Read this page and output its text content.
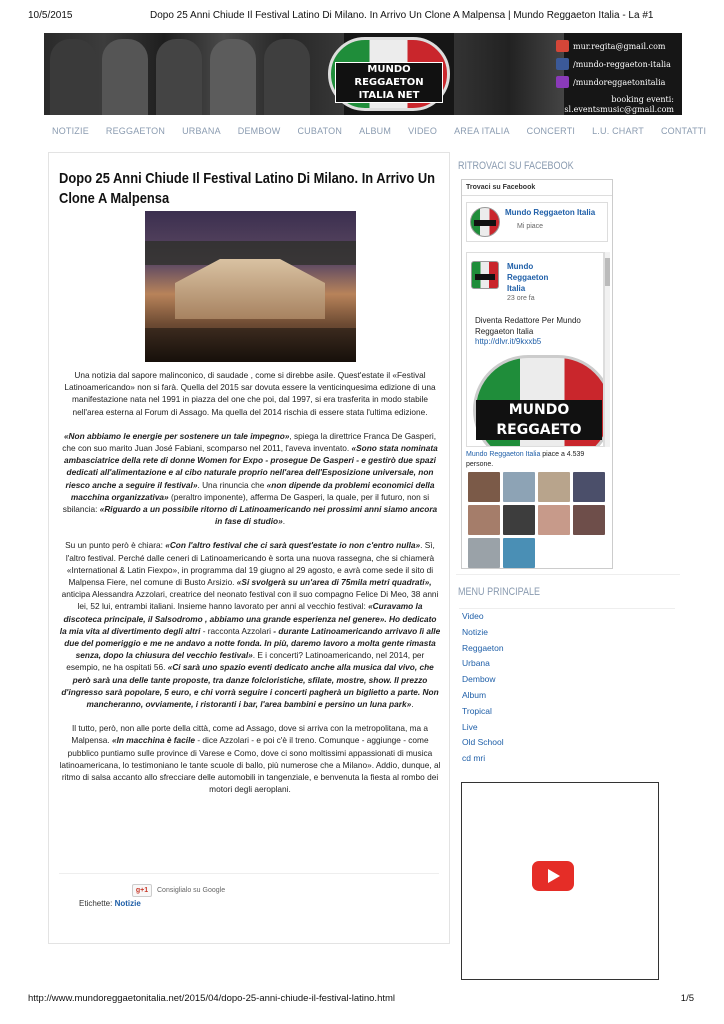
10/5/2015	Dopo 25 Anni Chiude Il Festival Latino Di Milano. In Arrivo Un Clone A Malpensa | Mundo Reggaeton Italia - La #1
MUNDO REGGAETON
ITALIA NET
mur.regita@gmail.com
/mundo-reggaeton-italia
/mundoreggaetonitalia
booking eventi:
sl.eventsmusic@gmail.com
NOTIZIE REGGAETON URBANA DEMBOW CUBATON ALBUM VIDEO AREA ITALIA CONCERTI L.U. CHART CONTATTI
Dopo 25 Anni Chiude Il Festival Latino Di Milano. In Arrivo Un Clone A Malpensa

Una notizia dal sapore malinconico, di saudade , come si direbbe asile. Quest'estate il «Festival Latinoamericando» non si farà. Quella del 2015 sar dovuta essere la venticinquesima edizione di una manifestazione nata nel 1991 in piazza del one che poi, dal 1997, si era trasferita in modo stabile nell'area esterna al Forum di Assago. Ma quella del 2014 rischia di essere stata l'ultima edizione.

«Non abbiamo le energie per sostenere un tale impegno», spiega la direttrice Franca De Gasperi, che con suo marito Juan José Fabiani, scomparso nel 2011, l'aveva inventato. «Sono stata nominata ambasciatrice della rete di donne Women for Expo - prosegue De Gasperi - e gestirò due spazi dedicati all'alimentazione e al cibo naturale proprio nell'area dell'Esposizione universale, non riesco anche a seguire il festival». Una rinuncia che «non dipende da problemi economici della macchina organizzativa» (peraltro imponente), afferma De Gasperi, la quale, per il futuro, non si sbilancia: «Riguardo a un possibile ritorno di Latinoamericando nei prossimi anni siamo ancora in fase di studio».

Su un punto però è chiara: «Con l'altro festival che ci sarà quest'estate io non c'entro nulla». Sì, l'altro festival. Perché dalle ceneri di Latinoamericando è sorta una nuova rassegna, che si chiamerà «International & Latin Fiexpo», in programma dal 19 giugno al 29 agosto, e avrà come sede il sito di Malpensa Fiere, nel comune di Busto Arsizio. «Si svolgerà su un'area di 75mila metri quadrati», anticipa Alessandra Azzolari, creatrice del neonato festival con il suo compagno Felice Di Meo, 38 anni lei, 52 lui, entrambi italiani. Insieme hanno lavorato per anni al vecchio festival: «Curavamo la discoteca principale, il Salsodromo , abbiamo una grande esperienza nel genere». Ho dedicato la mia vita al divertimento degli altri - racconta Azzolari - durante Latinoamericando arrivavo lì alle due del pomeriggio e me ne andavo a notte fonda. In più, daremo lavoro a molta gente rimasta senza, dopo la chiusura del vecchio festival». E i concerti? Latinoamericando, nel 2014, per esempio, ne ha ospitati 56. «Ci sarà uno spazio eventi dedicato anche alla musica dal vivo, che però sarà una delle tante proposte, tra danze folcloristiche, sfilate, mostre, show. Il prezzo d'ingresso sarà popolare, 5 euro, e chi vorrà seguire i concerti pagherà un biglietto a parte. Non mancheranno, ovviamente, i ristoranti i bar, l'area bambini e persino un luna park».

Il tutto, però, non alle porte della città, come ad Assago, dove si arriva con la metropolitana, ma a Malpensa. «In macchina è facile - dice Azzolari - e poi c'è il treno. Comunque - aggiunge - come pubblico puntiamo sulle province di Varese e Como, dove ci sono moltissimi appassionati di musica latinoamericana, lo testimoniano le tante scuole di ballo, più numerose che a Milano». Addio, dunque, al ritmo di salsa accanto allo sfrecciare delle automobili in tangenziale, e benvenuta la fiesta al rombo dei motori degli aeroplani.

g+1	Consiglialo su Google
Etichette: Notizie
RITROVACI SU FACEBOOK
Trovaci su Facebook
Mundo Reggaeton Italia
Mi piace
Mundo Reggaeton Italia
23 ore fa
Diventa Redattore Per Mundo Reggaeton Italia
http://dlvr.it/9kxxb5
MUNDO REGGAETO
Mundo Reggaeton Italia piace a 4.539 persone.
MENU PRINCIPALE
Video
Notizie
Reggaeton
Urbana
Dembow
Album
Tropical
Live
Old School
cd mri
http://www.mundoreggaetonitalia.net/2015/04/dopo-25-anni-chiude-il-festival-latino.html	1/5
